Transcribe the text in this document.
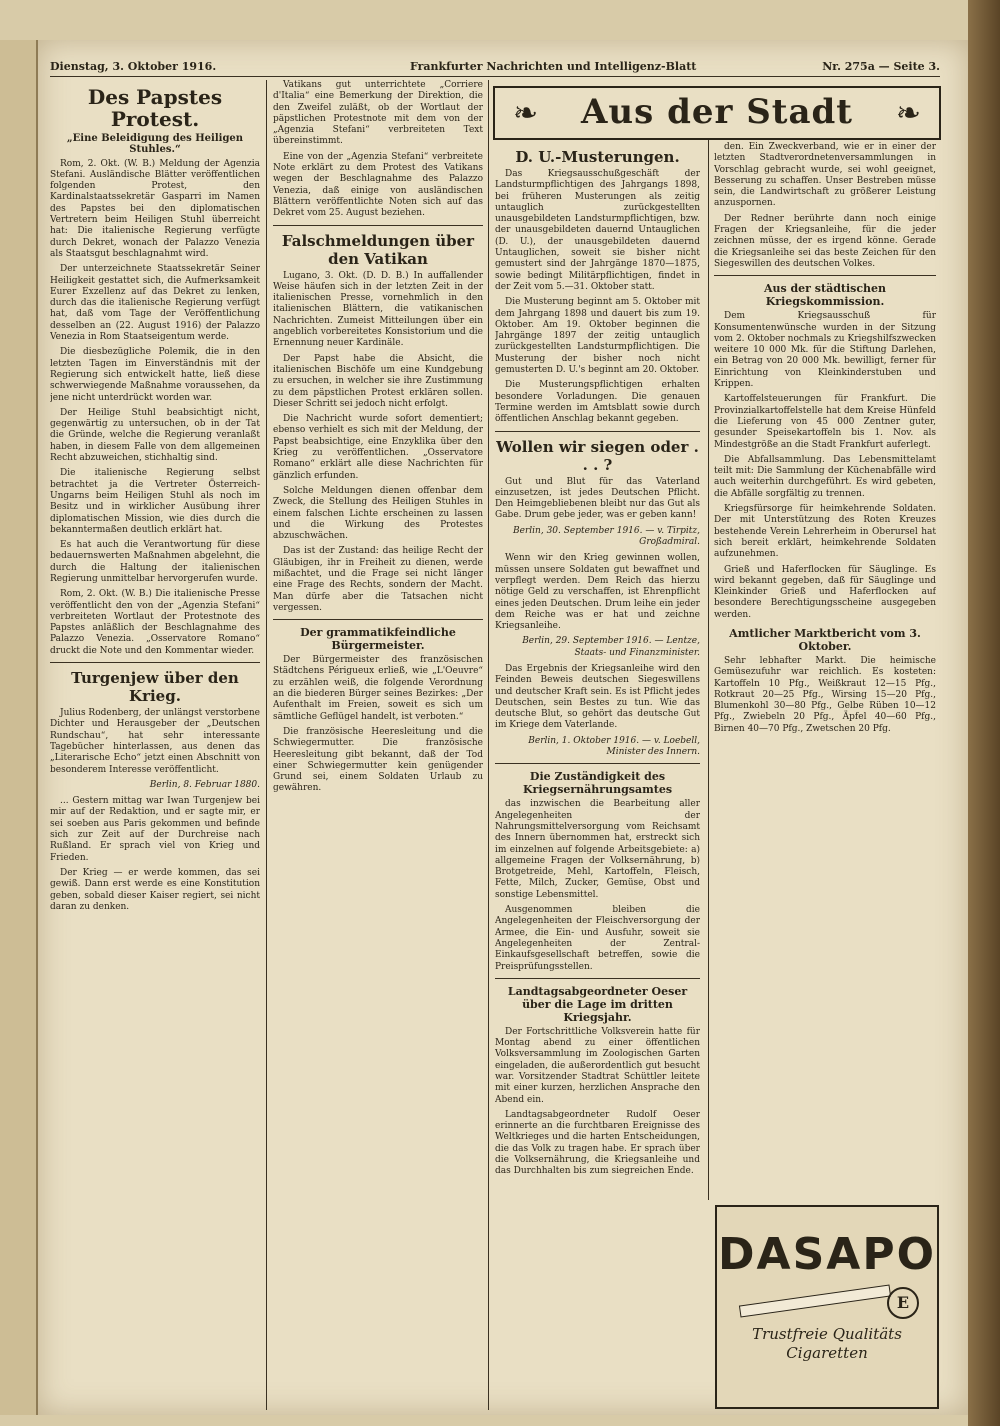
Dienstag, 3. Oktober 1916.	Frankfurter Nachrichten und Intelligenz-Blatt	Nr. 275a — Seite 3.
Des Papstes Protest.
„Eine Beleidigung des Heiligen Stuhles.“

Rom, 2. Okt. (W. B.) Meldung der Agenzia Stefani. Ausländische Blätter veröffentlichen folgenden Protest, den Kardinalstaatssekretär Gasparri im Namen des Papstes bei den diplomatischen Vertretern beim Heiligen Stuhl überreicht hat: Die italienische Regierung verfügte durch Dekret, wonach der Palazzo Venezia als Staatsgut beschlagnahmt wird.

Der unterzeichnete Staatssekretär Seiner Heiligkeit gestattet sich, die Aufmerksamkeit Eurer Exzellenz auf das Dekret zu lenken, durch das die italienische Regierung verfügt hat, daß vom Tage der Veröffentlichung desselben an (22. August 1916) der Palazzo Venezia in Rom Staatseigentum werde.

Die diesbezügliche Polemik, die in den letzten Tagen im Einverständnis mit der Regierung sich entwickelt hatte, ließ diese schwerwiegende Maßnahme voraussehen, da jene nicht unterdrückt worden war.

Der Heilige Stuhl beabsichtigt nicht, gegenwärtig zu untersuchen, ob in der Tat die Gründe, welche die Regierung veranlaßt haben, in diesem Falle von dem allgemeinen Recht abzuweichen, stichhaltig sind.

Die italienische Regierung selbst betrachtet ja die Vertreter Österreich-Ungarns beim Heiligen Stuhl als noch im Besitz und in wirklicher Ausübung ihrer diplomatischen Mission, wie dies durch die bekanntermaßen deutlich erklärt hat.

Es hat auch die Verantwortung für diese bedauernswerten Maßnahmen abgelehnt, die durch die Haltung der italienischen Regierung unmittelbar hervorgerufen wurde.

Rom, 2. Okt. (W. B.) Die italienische Presse veröffentlicht den von der „Agenzia Stefani“ verbreiteten Wortlaut der Protestnote des Papstes anläßlich der Beschlagnahme des Palazzo Venezia. „Osservatore Romano“ druckt die Note und den Kommentar wieder.

Turgenjew über den Krieg.

Julius Rodenberg, der unlängst verstorbene Dichter und Herausgeber der „Deutschen Rundschau“, hat sehr interessante Tagebücher hinterlassen, aus denen das „Literarische Echo“ jetzt einen Abschnitt von besonderem Interesse veröffentlicht.

Berlin, 8. Februar 1880.

... Gestern mittag war Iwan Turgenjew bei mir auf der Redaktion, und er sagte mir, er sei soeben aus Paris gekommen und befinde sich zur Zeit auf der Durchreise nach Rußland. Er sprach viel von Krieg und Frieden.

Der Krieg — er werde kommen, das sei gewiß. Dann erst werde es eine Konstitution geben, sobald dieser Kaiser regiert, sei nicht daran zu denken.

Vatikans gut unterrichtete „Corriere d'Italia“ eine Bemerkung der Direktion, die den Zweifel zuläßt, ob der Wortlaut der päpstlichen Protestnote mit dem von der „Agenzia Stefani“ verbreiteten Text übereinstimmt.

Eine von der „Agenzia Stefani“ verbreitete Note erklärt zu dem Protest des Vatikans wegen der Beschlagnahme des Palazzo Venezia, daß einige von ausländischen Blättern veröffentlichte Noten sich auf das Dekret vom 25. August beziehen.

Falschmeldungen über den Vatikan

Lugano, 3. Okt. (D. D. B.) In auffallender Weise häufen sich in der letzten Zeit in der italienischen Presse, vornehmlich in den italienischen Blättern, die vatikanischen Nachrichten. Zumeist Mitteilungen über ein angeblich vorbereitetes Konsistorium und die Ernennung neuer Kardinäle.

Der Papst habe die Absicht, die italienischen Bischöfe um eine Kundgebung zu ersuchen, in welcher sie ihre Zustimmung zu dem päpstlichen Protest erklären sollen. Dieser Schritt sei jedoch nicht erfolgt.

Die Nachricht wurde sofort dementiert; ebenso verhielt es sich mit der Meldung, der Papst beabsichtige, eine Enzyklika über den Krieg zu veröffentlichen. „Osservatore Romano“ erklärt alle diese Nachrichten für gänzlich erfunden.

Solche Meldungen dienen offenbar dem Zweck, die Stellung des Heiligen Stuhles in einem falschen Lichte erscheinen zu lassen und die Wirkung des Protestes abzuschwächen.

Das ist der Zustand: das heilige Recht der Gläubigen, ihr in Freiheit zu dienen, werde mißachtet, und die Frage sei nicht länger eine Frage des Rechts, sondern der Macht. Man dürfe aber die Tatsachen nicht vergessen.

Der grammatikfeindliche Bürgermeister.

Der Bürgermeister des französischen Städtchens Périgueux erließ, wie „L'Oeuvre“ zu erzählen weiß, die folgende Verordnung an die biederen Bürger seines Bezirkes: „Der Aufenthalt im Freien, soweit es sich um sämtliche Geflügel handelt, ist verboten.“

Die französische Heeresleitung und die Schwiegermutter. Die französische Heeresleitung gibt bekannt, daß der Tod einer Schwiegermutter kein genügender Grund sei, einem Soldaten Urlaub zu gewähren.

❧	Aus der Stadt	❧
D. U.-Musterungen.

Das Kriegsausschußgeschäft der Landsturmpflichtigen des Jahrgangs 1898, bei früheren Musterungen als zeitig untauglich zurückgestellten unausgebildeten Landsturmpflichtigen, bzw. der unausgebildeten dauernd Untauglichen (D. U.), der unausgebildeten dauernd Untauglichen, soweit sie bisher nicht gemustert sind der Jahrgänge 1870—1875, sowie bedingt Militärpflichtigen, findet in der Zeit vom 5.—31. Oktober statt.

Die Musterung beginnt am 5. Oktober mit dem Jahrgang 1898 und dauert bis zum 19. Oktober. Am 19. Oktober beginnen die Jahrgänge 1897 der zeitig untauglich zurückgestellten Landsturmpflichtigen. Die Musterung der bisher noch nicht gemusterten D. U.'s beginnt am 20. Oktober.

Die Musterungspflichtigen erhalten besondere Vorladungen. Die genauen Termine werden im Amtsblatt sowie durch öffentlichen Anschlag bekannt gegeben.

Wollen wir siegen oder . . . ?

Gut und Blut für das Vaterland einzusetzen, ist jedes Deutschen Pflicht. Den Heimgebliebenen bleibt nur das Gut als Gabe. Drum gebe jeder, was er geben kann!

Berlin, 30. September 1916. — v. Tirpitz, Großadmiral.

Wenn wir den Krieg gewinnen wollen, müssen unsere Soldaten gut bewaffnet und verpflegt werden. Dem Reich das hierzu nötige Geld zu verschaffen, ist Ehrenpflicht eines jeden Deutschen. Drum leihe ein jeder dem Reiche was er hat und zeichne Kriegsanleihe.

Berlin, 29. September 1916. — Lentze, Staats- und Finanzminister.

Das Ergebnis der Kriegsanleihe wird den Feinden Beweis deutschen Siegeswillens und deutscher Kraft sein. Es ist Pflicht jedes Deutschen, sein Bestes zu tun. Wie das deutsche Blut, so gehört das deutsche Gut im Kriege dem Vaterlande.

Berlin, 1. Oktober 1916. — v. Loebell, Minister des Innern.
Die Zuständigkeit des Kriegsernährungsamtes

das inzwischen die Bearbeitung aller Angelegenheiten der Nahrungsmittelversorgung vom Reichsamt des Innern übernommen hat, erstreckt sich im einzelnen auf folgende Arbeitsgebiete: a) allgemeine Fragen der Volksernährung, b) Brotgetreide, Mehl, Kartoffeln, Fleisch, Fette, Milch, Zucker, Gemüse, Obst und sonstige Lebensmittel.

Ausgenommen bleiben die Angelegenheiten der Fleischversorgung der Armee, die Ein- und Ausfuhr, soweit sie Angelegenheiten der Zentral-Einkaufsgesellschaft betreffen, sowie die Preisprüfungsstellen.

Landtagsabgeordneter Oeser über die Lage im dritten Kriegsjahr.

Der Fortschrittliche Volksverein hatte für Montag abend zu einer öffentlichen Volksversammlung im Zoologischen Garten eingeladen, die außerordentlich gut besucht war. Vorsitzender Stadtrat Schüttler leitete mit einer kurzen, herzlichen Ansprache den Abend ein.

Landtagsabgeordneter Rudolf Oeser erinnerte an die furchtbaren Ereignisse des Weltkrieges und die harten Entscheidungen, die das Volk zu tragen habe. Er sprach über die Volksernährung, die Kriegsanleihe und das Durchhalten bis zum siegreichen Ende.

den. Ein Zweckverband, wie er in einer der letzten Stadtverordnetenversammlungen in Vorschlag gebracht wurde, sei wohl geeignet, Besserung zu schaffen. Unser Bestreben müsse sein, die Landwirtschaft zu größerer Leistung anzuspornen.

Der Redner berührte dann noch einige Fragen der Kriegsanleihe, für die jeder zeichnen müsse, der es irgend könne. Gerade die Kriegsanleihe sei das beste Zeichen für den Siegeswillen des deutschen Volkes.

Aus der städtischen Kriegskommission.

Dem Kriegsausschuß für Konsumentenwünsche wurden in der Sitzung vom 2. Oktober nochmals zu Kriegshilfszwecken weitere 10 000 Mk. für die Stiftung Darlehen, ein Betrag von 20 000 Mk. bewilligt, ferner für Einrichtung von Kleinkinderstuben und Krippen.

Kartoffelsteuerungen für Frankfurt. Die Provinzialkartoffelstelle hat dem Kreise Hünfeld die Lieferung von 45 000 Zentner guter, gesunder Speisekartoffeln bis 1. Nov. als Mindestgröße an die Stadt Frankfurt auferlegt.

Die Abfallsammlung. Das Lebensmittelamt teilt mit: Die Sammlung der Küchenabfälle wird auch weiterhin durchgeführt. Es wird gebeten, die Abfälle sorgfältig zu trennen.

Kriegsfürsorge für heimkehrende Soldaten. Der mit Unterstützung des Roten Kreuzes bestehende Verein Lehrerheim in Oberursel hat sich bereit erklärt, heimkehrende Soldaten aufzunehmen.

Grieß und Haferflocken für Säuglinge. Es wird bekannt gegeben, daß für Säuglinge und Kleinkinder Grieß und Haferflocken auf besondere Berechtigungsscheine ausgegeben werden.

Amtlicher Marktbericht vom 3. Oktober.

Sehr lebhafter Markt. Die heimische Gemüsezufuhr war reichlich. Es kosteten: Kartoffeln 10 Pfg., Weißkraut 12—15 Pfg., Rotkraut 20—25 Pfg., Wirsing 15—20 Pfg., Blumenkohl 30—80 Pfg., Gelbe Rüben 10—12 Pfg., Zwiebeln 20 Pfg., Äpfel 40—60 Pfg., Birnen 40—70 Pfg., Zwetschen 20 Pfg.

DASAPO
E
Trustfreie Qualitäts Cigaretten
